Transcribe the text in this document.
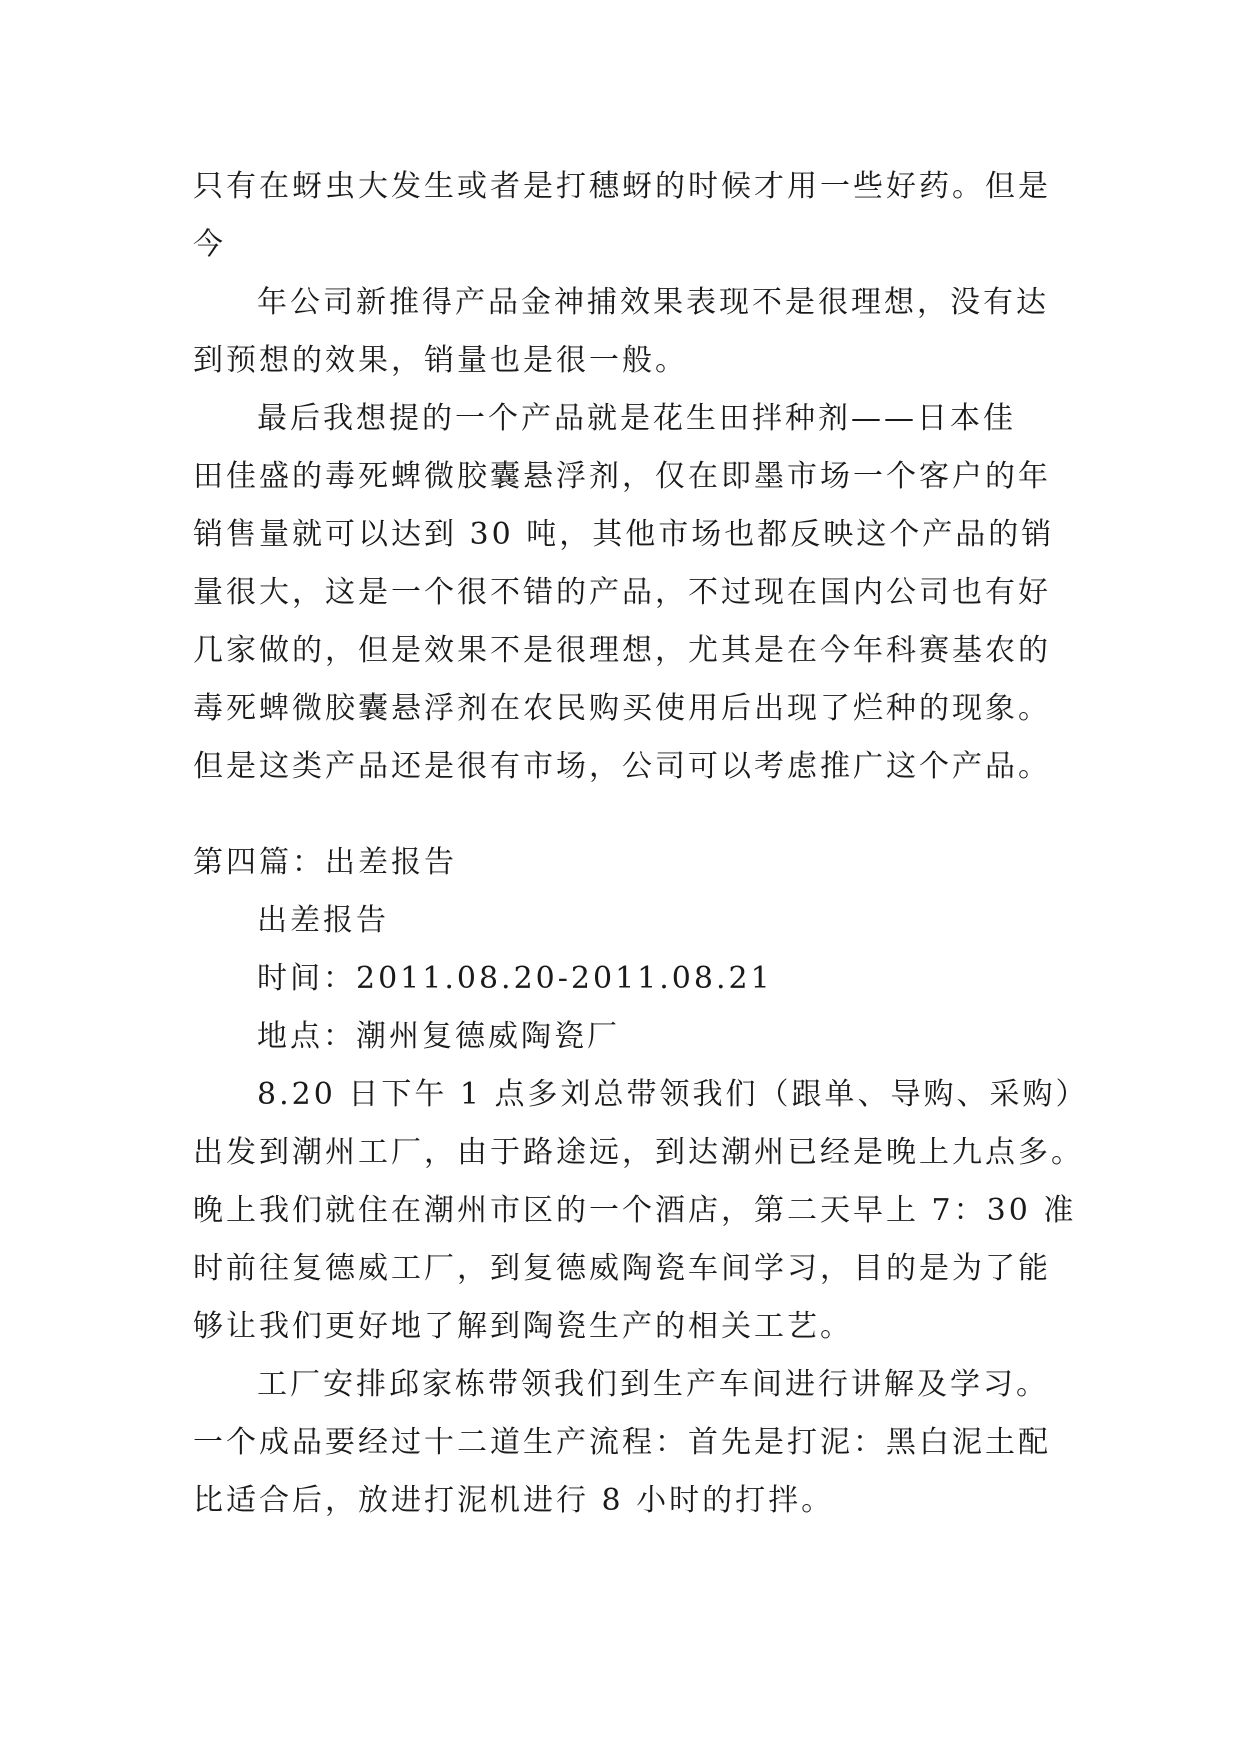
只有在蚜虫大发生或者是打穗蚜的时候才用一些好药。但是
今

年公司新推得产品金神捕效果表现不是很理想，没有达
到预想的效果，销量也是很一般。

最后我想提的一个产品就是花生田拌种剂——日本佳
田佳盛的毒死蜱微胶囊悬浮剂，仅在即墨市场一个客户的年
销售量就可以达到 30 吨，其他市场也都反映这个产品的销
量很大，这是一个很不错的产品，不过现在国内公司也有好
几家做的，但是效果不是很理想，尤其是在今年科赛基农的
毒死蜱微胶囊悬浮剂在农民购买使用后出现了烂种的现象。
但是这类产品还是很有市场，公司可以考虑推广这个产品。

第四篇：出差报告

出差报告

时间：2011.08.20-2011.08.21

地点：潮州复德威陶瓷厂

8.20 日下午 1 点多刘总带领我们（跟单、导购、采购）
出发到潮州工厂，由于路途远，到达潮州已经是晚上九点多。
晚上我们就住在潮州市区的一个酒店，第二天早上 7：30 准
时前往复德威工厂，到复德威陶瓷车间学习，目的是为了能
够让我们更好地了解到陶瓷生产的相关工艺。

工厂安排邱家栋带领我们到生产车间进行讲解及学习。
一个成品要经过十二道生产流程：首先是打泥：黑白泥土配
比适合后，放进打泥机进行 8 小时的打拌。
